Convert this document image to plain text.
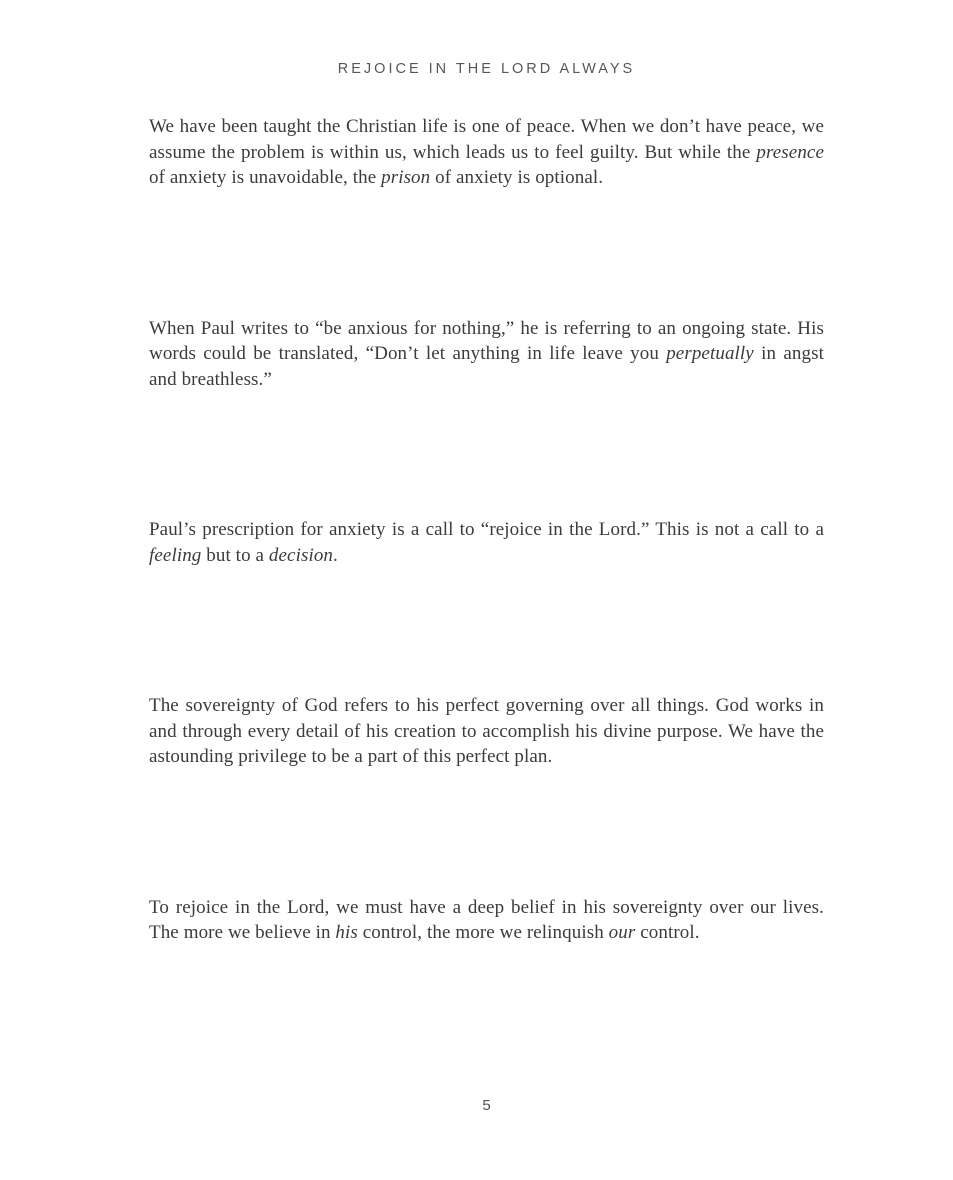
REJOICE IN THE LORD ALWAYS

We have been taught the Christian life is one of peace. When we don’t have peace, we assume the problem is within us, which leads us to feel guilty. But while the presence of anxiety is unavoidable, the prison of anxiety is optional.

When Paul writes to “be anxious for nothing,” he is referring to an ongoing state. His words could be translated, “Don’t let anything in life leave you perpetually in angst and breathless.”

Paul’s prescription for anxiety is a call to “rejoice in the Lord.” This is not a call to a feeling but to a decision.

The sovereignty of God refers to his perfect governing over all things. God works in and through every detail of his creation to accomplish his divine purpose. We have the astounding privilege to be a part of this perfect plan.

To rejoice in the Lord, we must have a deep belief in his sovereignty over our lives. The more we believe in his control, the more we relinquish our control.

5
